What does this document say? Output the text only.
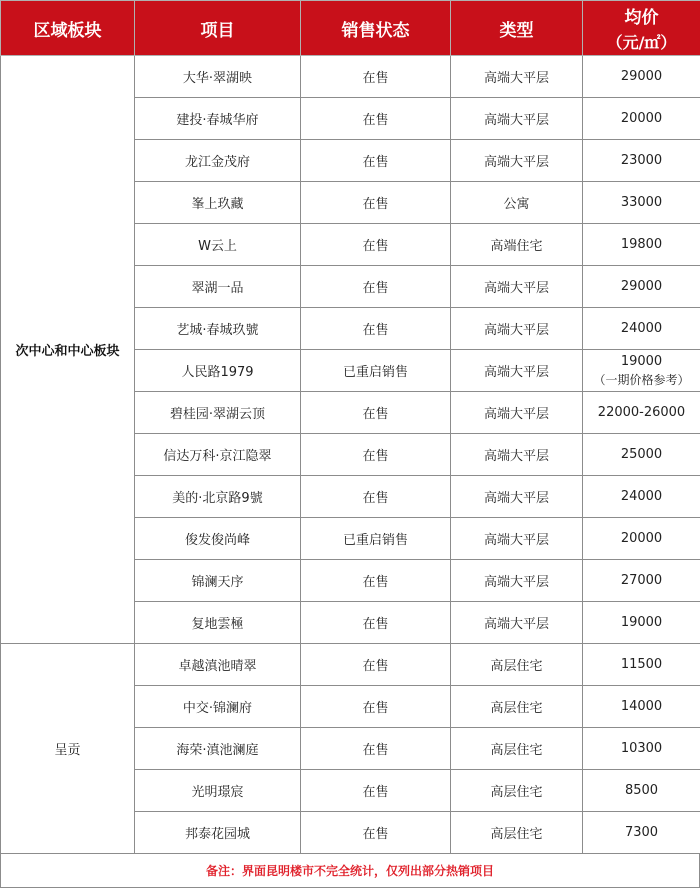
区域板块	项目	销售状态	类型	均价
（元/㎡）

次中心和中心板块	大华·翠湖映	在售	高端大平层	29000
	建投·春城华府	在售	高端大平层	20000
	龙江金茂府	在售	高端大平层	23000
	峯上玖藏	在售	公寓	33000
	W云上	在售	高端住宅	19800
	翠湖一品	在售	高端大平层	29000
	艺城·春城玖號	在售	高端大平层	24000
	人民路1979	已重启销售	高端大平层	19000
（一期价格参考）

	碧桂园·翠湖云顶	在售	高端大平层	22000-26000
	信达万科·京江隐翠	在售	高端大平层	25000
	美的·北京路9號	在售	高端大平层	24000
	俊发俊尚峰	已重启销售	高端大平层	20000
	锦澜天序	在售	高端大平层	27000
	复地雲極	在售	高端大平层	19000
呈贡	卓越滇池晴翠	在售	高层住宅	11500
	中交·锦澜府	在售	高层住宅	14000
	海荣·滇池澜庭	在售	高层住宅	10300
	光明璟宸	在售	高层住宅	8500
	邦泰花园城	在售	高层住宅	7300
备注：界面昆明楼市不完全统计，仅列出部分热销项目
